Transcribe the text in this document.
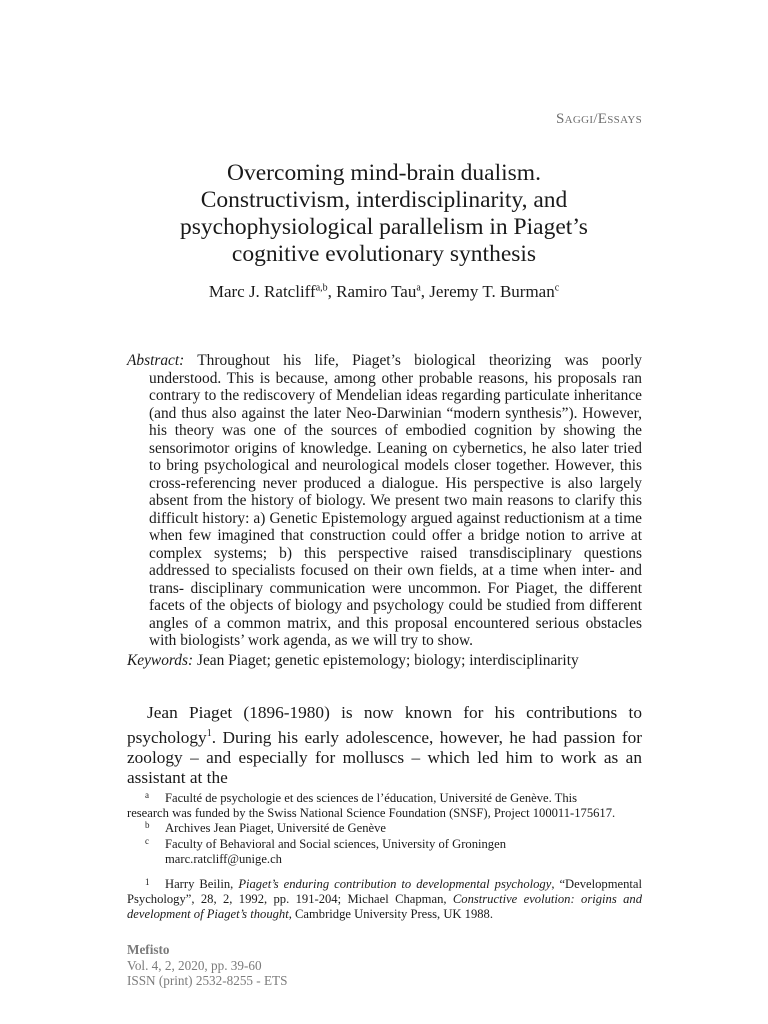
Saggi/Essays
Overcoming mind-brain dualism.
Constructivism, interdisciplinarity, and
psychophysiological parallelism in Piaget’s
cognitive evolutionary synthesis
Marc J. Ratcliff$^{a,b}$, Ramiro Tau$^a$, Jeremy T. Burman$^c$

Abstract: Throughout his life, Piaget’s biological theorizing was poorly understood. This is because, among other probable reasons, his proposals ran contrary to the rediscovery of Mendelian ideas regarding particulate inheritance (and thus also against the later Neo-Darwinian “modern synthesis”). However, his theory was one of the sources of embodied cognition by showing the sensorimotor origins of knowledge. Leaning on cybernetics, he also later tried to bring psychological and neurological models closer together. However, this cross-referencing never produced a dialogue. His perspective is also largely absent from the history of biology. We present two main reasons to clarify this difficult history: a) Genetic Epistemology argued against reductionism at a time when few imagined that construction could offer a bridge notion to arrive at complex systems; b) this perspective raised transdisciplinary questions addressed to specialists focused on their own fields, at a time when inter- and trans- disciplinary communication were uncommon. For Piaget, the different facets of the objects of biology and psychology could be studied from different angles of a common matrix, and this proposal encountered serious obstacles with biologists’ work agenda, as we will try to show.

Keywords: Jean Piaget; genetic epistemology; biology; interdisciplinarity

Jean Piaget (1896-1980) is now known for his contributions to psychology$^1$. During his early adolescence, however, he had passion for zoology – and especially for molluscs – which led him to work as an assistant at the

a	Faculté de psychologie et des sciences de l’éducation, Université de Genève. This
research was funded by the Swiss National Science Foundation (SNSF), Project 100011-175617.
b Archives Jean Piaget, Université de Genève
c Faculty of Behavioral and Social sciences, University of Groningen
marc.ratcliff@unige.ch
1 Harry Beilin, Piaget’s enduring contribution to developmental psychology, “Developmental Psychology”, 28, 2, 1992, pp. 191-204; Michael Chapman, Constructive evolution: origins and development of Piaget’s thought, Cambridge University Press, UK 1988.
Mefisto
Vol. 4, 2, 2020, pp. 39-60
ISSN (print) 2532-8255 - ETS
